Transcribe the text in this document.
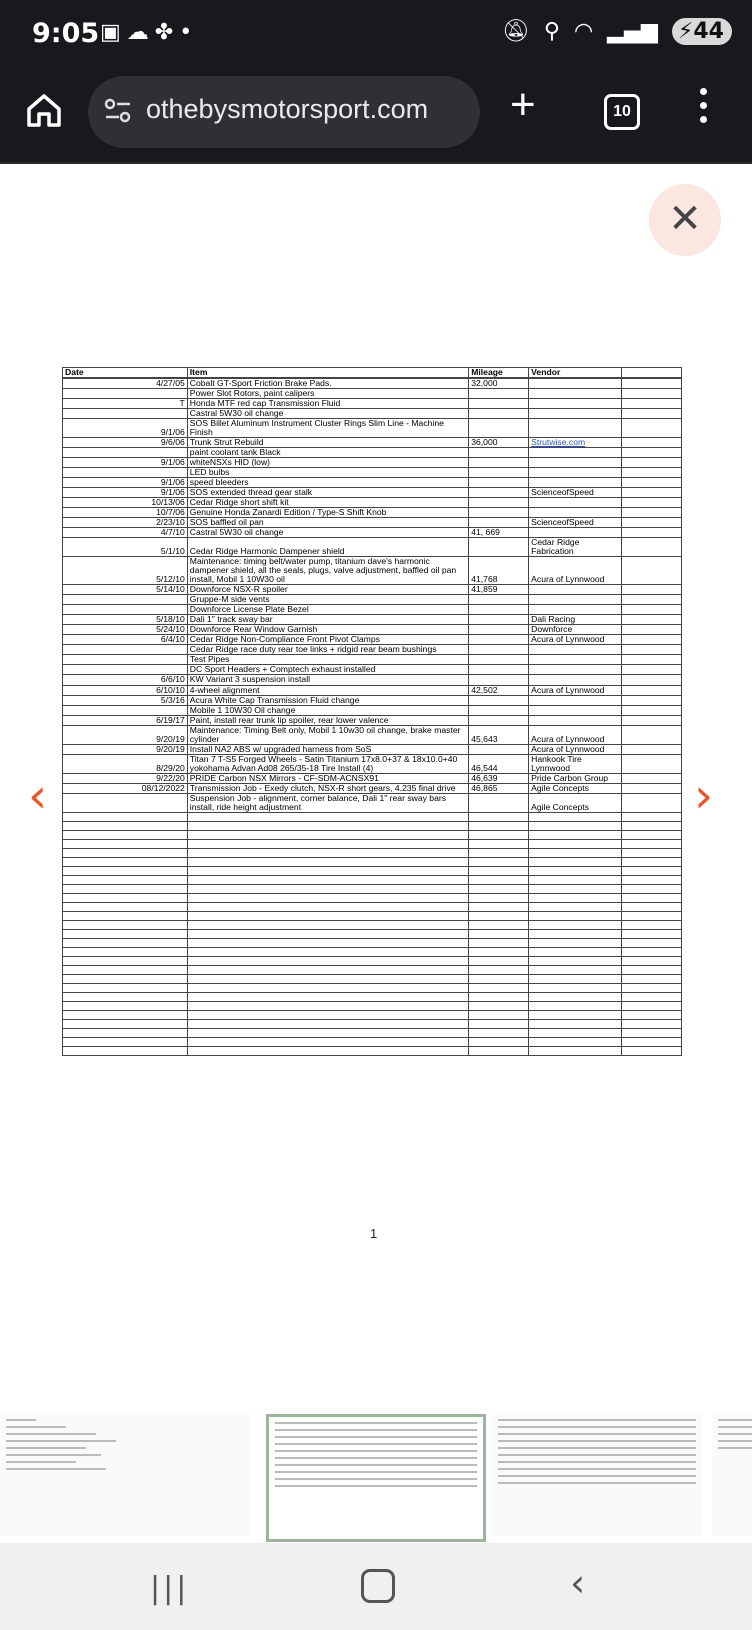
9:05 ▣☁✤•	🔕︎ ⚲ ◠ ▂▄▆ ⚡44
othebysmotorsport.com +	10
✕
Date	Item	Mileage	Vendor	

4/27/05	Cobalt GT-Sport Friction Brake Pads.	32,000		
	Power Slot Rotors, paint calipers			
T	Honda MTF red cap Transmission Fluid			
	Castral 5W30 oil change			
9/1/06	SOS Billet Aluminum Instrument Cluster Rings Slim Line - Machine Finish			
9/6/06	Trunk Strut Rebuild	36,000	Strutwise.com	
	paint coolant tank Black			
9/1/06	whiteNSXs HID (low)			
	LED bulbs			
9/1/06	speed bleeders			
9/1/06	SOS extended thread gear stalk		ScienceofSpeed	
10/13/06	Cedar Ridge short shift kit			
10/7/06	Genuine Honda Zanardi Edition / Type-S Shift Knob			
2/23/10	SOS baffled oil pan		ScienceofSpeed	
4/7/10	Castral 5W30 oil change	41, 669		
5/1/10	Cedar Ridge Harmonic Dampener shield		Cedar Ridge Fabrication	
5/12/10	Maintenance: timing belt/water pump, titanium dave's harmonic dampener shield, all the seals, plugs, valve adjustment, baffled oil pan install, Mobil 1 10W30 oil	41,768	Acura of Lynnwood	
5/14/10	Downforce NSX-R spoiler	41,859		
	Gruppe-M side vents			
	Downforce License Plate Bezel			
5/18/10	Dali 1" track sway bar		Dali Racing	
5/24/10	Downforce Rear Window Garnish		Downforce	
6/4/10	Cedar Ridge Non-Compliance Front Pivot Clamps		Acura of Lynnwood	
	Cedar Ridge race duty rear toe links + ridgid rear beam bushings			
	Test Pipes			
	DC Sport Headers + Comptech exhaust installed			
6/6/10	KW Variant 3 suspension install			
6/10/10	4-wheel alignment	42,502	Acura of Lynnwood	
5/3/16	Acura White Cap Transmission Fluid change			
	Mobile 1 10W30 Oil change			
6/19/17	Paint, install rear trunk lip spoiler, rear lower valence			
9/20/19	Maintenance: Timing Belt only, Mobil 1 10w30 oil change, brake master cylinder	45,643	Acura of Lynnwood	
9/20/19	Install NA2 ABS w/ upgraded harness from SoS		Acura of Lynnwood	
8/29/20	Titan 7 T-S5 Forged Wheels - Satin Titanium 17x8.0+37 & 18x10.0+40 yokohama Advan Ad08 265/35-18 Tire Install (4)	46,544	Hankook Tire Lynnwood	
9/22/20	PRIDE Carbon NSX Mirrors - CF-SDM-ACNSX91	46,639	Pride Carbon Group	
08/12/2022	Transmission Job - Exedy clutch, NSX-R short gears, 4.235 final drive	46,865	Agile Concepts	
	Suspension Job - alignment, corner balance, Dali 1" rear sway bars install, ride height adjustment		Agile Concepts	

1
‹	›
|||	‹
